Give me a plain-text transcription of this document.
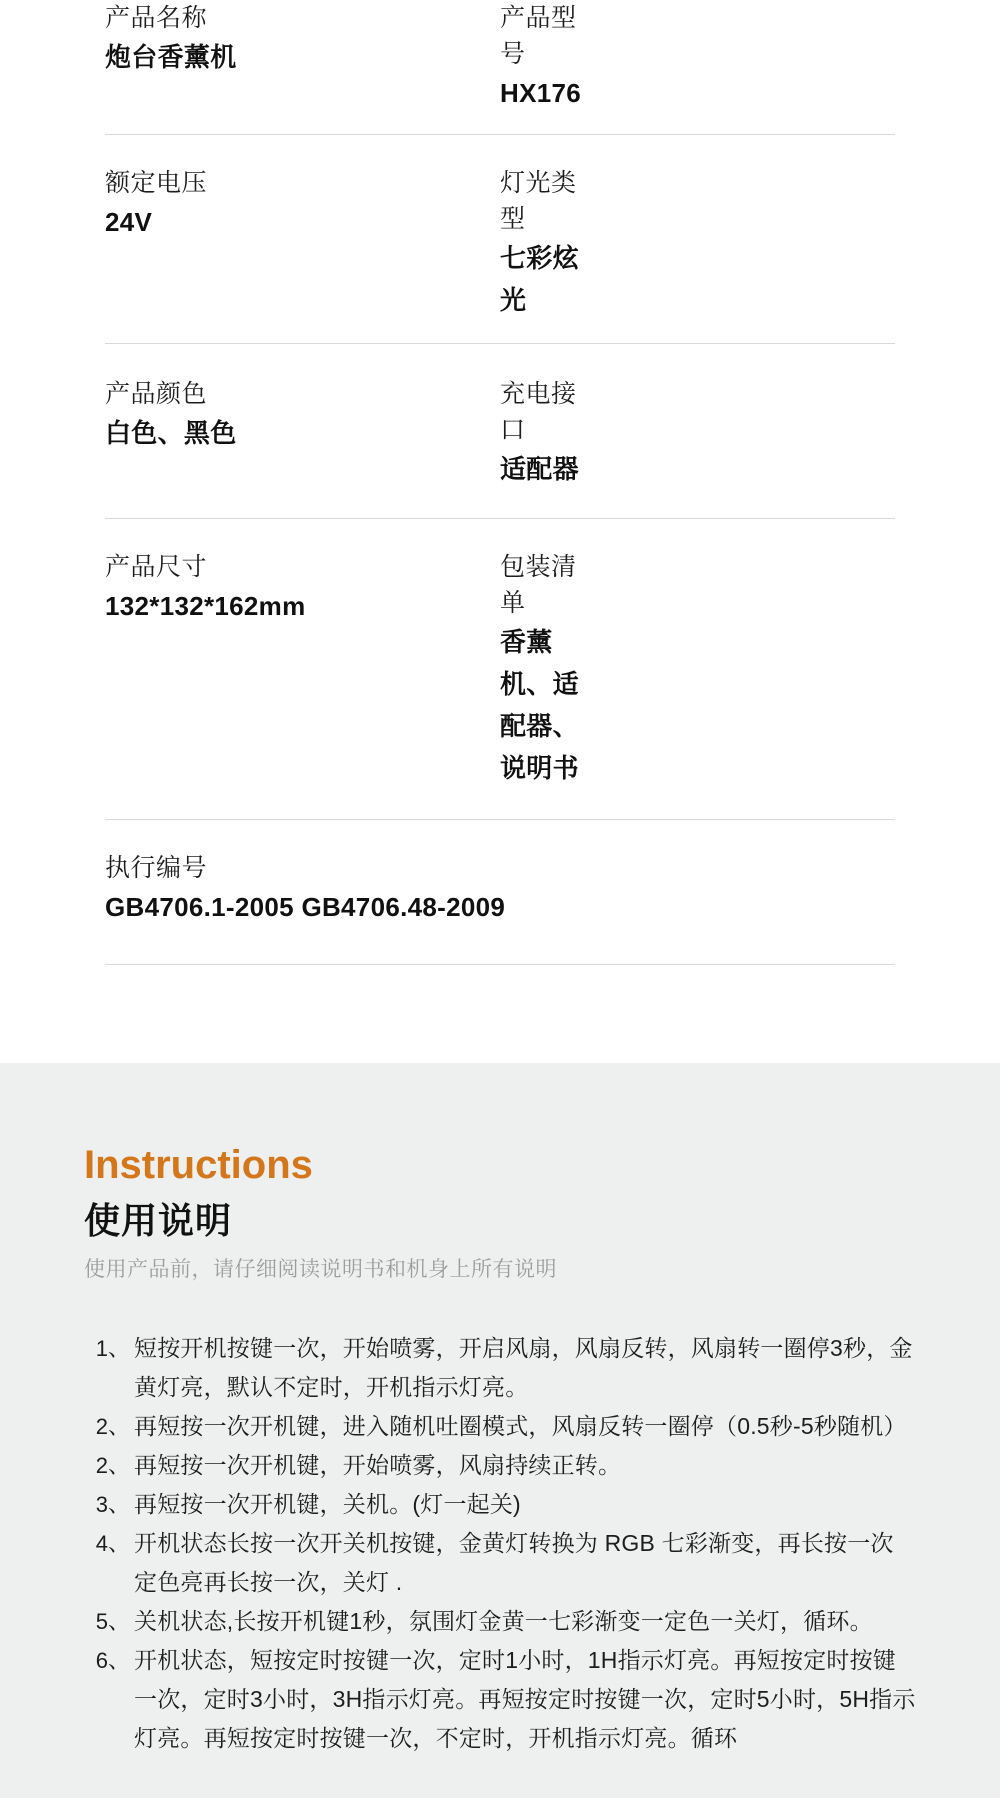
产品名称
炮台香薰机
产品型号
HX176
额定电压
24V
灯光类型
七彩炫光
产品颜色
白色、黑色
充电接口
适配器
产品尺寸
132*132*162mm
包装清单
香薰机、适配器、说明书
执行编号
GB4706.1-2005 GB4706.48-2009
Instructions
使用说明
使用产品前，请仔细阅读说明书和机身上所有说明
1、 短按开机按键一次，开始喷雾，开启风扇，风扇反转，风扇转一圈停3秒，金黄灯亮，默认不定时，开机指示灯亮。
2、 再短按一次开机键，进入随机吐圈模式，风扇反转一圈停（0.5秒-5秒随机）
2、 再短按一次开机键，开始喷雾，风扇持续正转。
3、 再短按一次开机键，关机。(灯一起关)
4、 开机状态长按一次开关机按键，金黄灯转换为 RGB 七彩渐变，再长按一次定色亮再长按一次，关灯 .
5、 关机状态,长按开机键1秒，氛围灯金黄一七彩渐变一定色一关灯，循环。
6、 开机状态，短按定时按键一次，定时1小时，1H指示灯亮。再短按定时按键一次，定时3小时，3H指示灯亮。再短按定时按键一次，定时5小时，5H指示灯亮。再短按定时按键一次，不定时，开机指示灯亮。循环
